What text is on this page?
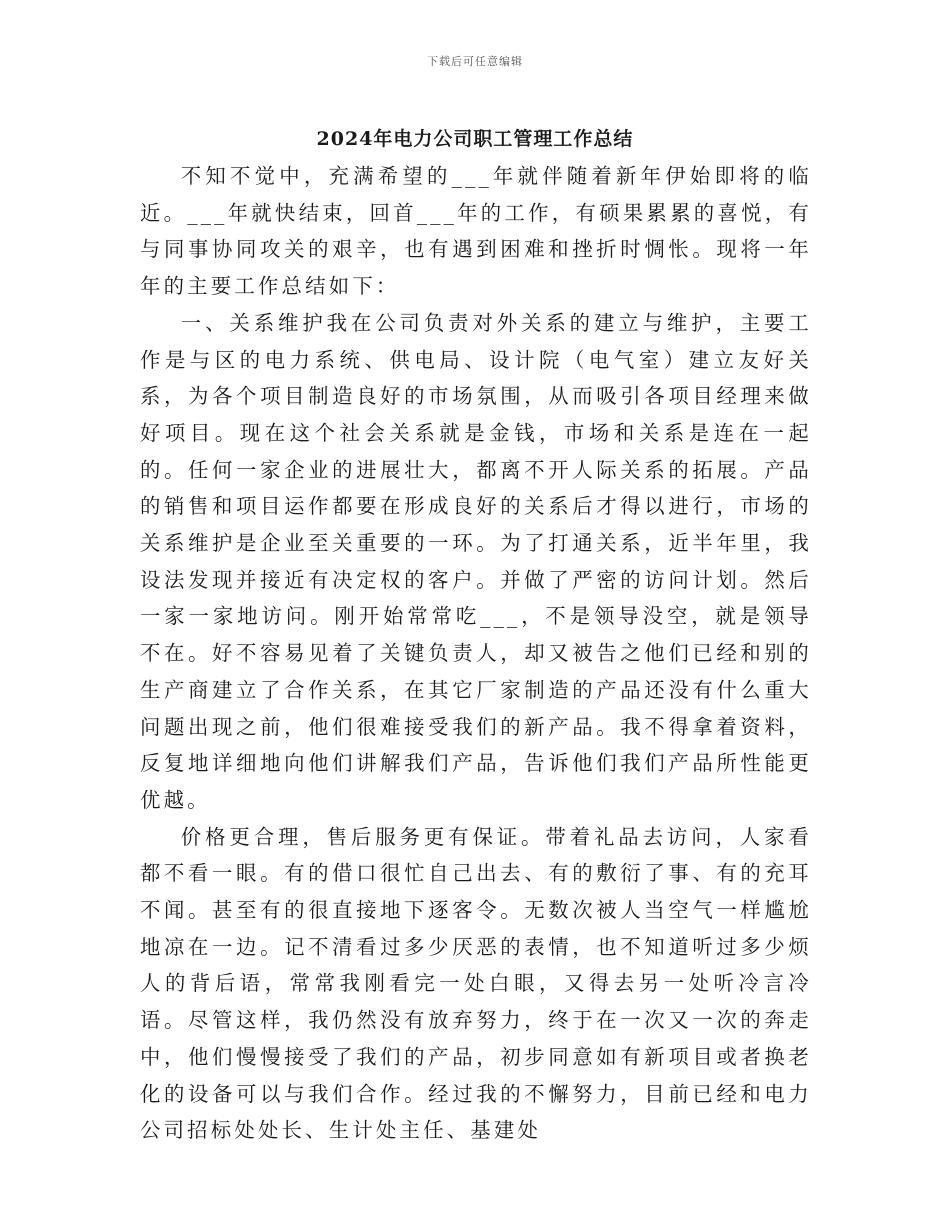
下载后可任意编辑
2024年电力公司职工管理工作总结

不知不觉中，充满希望的___年就伴随着新年伊始即将的临近。___年就快结束，回首___年的工作，有硕果累累的喜悦，有与同事协同攻关的艰辛，也有遇到困难和挫折时惆怅。现将一年年的主要工作总结如下：

一、关系维护我在公司负责对外关系的建立与维护，主要工作是与区的电力系统、供电局、设计院（电气室）建立友好关系，为各个项目制造良好的市场氛围，从而吸引各项目经理来做好项目。现在这个社会关系就是金钱，市场和关系是连在一起的。任何一家企业的进展壮大，都离不开人际关系的拓展。产品的销售和项目运作都要在形成良好的关系后才得以进行，市场的关系维护是企业至关重要的一环。为了打通关系，近半年里，我设法发现并接近有决定权的客户。并做了严密的访问计划。然后一家一家地访问。刚开始常常吃___，不是领导没空，就是领导不在。好不容易见着了关键负责人，却又被告之他们已经和别的生产商建立了合作关系，在其它厂家制造的产品还没有什么重大问题出现之前，他们很难接受我们的新产品。我不得拿着资料，反复地详细地向他们讲解我们产品，告诉他们我们产品所性能更优越。

价格更合理，售后服务更有保证。带着礼品去访问，人家看都不看一眼。有的借口很忙自己出去、有的敷衍了事、有的充耳不闻。甚至有的很直接地下逐客令。无数次被人当空气一样尴尬地凉在一边。记不清看过多少厌恶的表情，也不知道听过多少烦人的背后语，常常我刚看完一处白眼，又得去另一处听冷言冷语。尽管这样，我仍然没有放弃努力，终于在一次又一次的奔走中，他们慢慢接受了我们的产品，初步同意如有新项目或者换老化的设备可以与我们合作。经过我的不懈努力，目前已经和电力公司招标处处长、生计处主任、基建处
